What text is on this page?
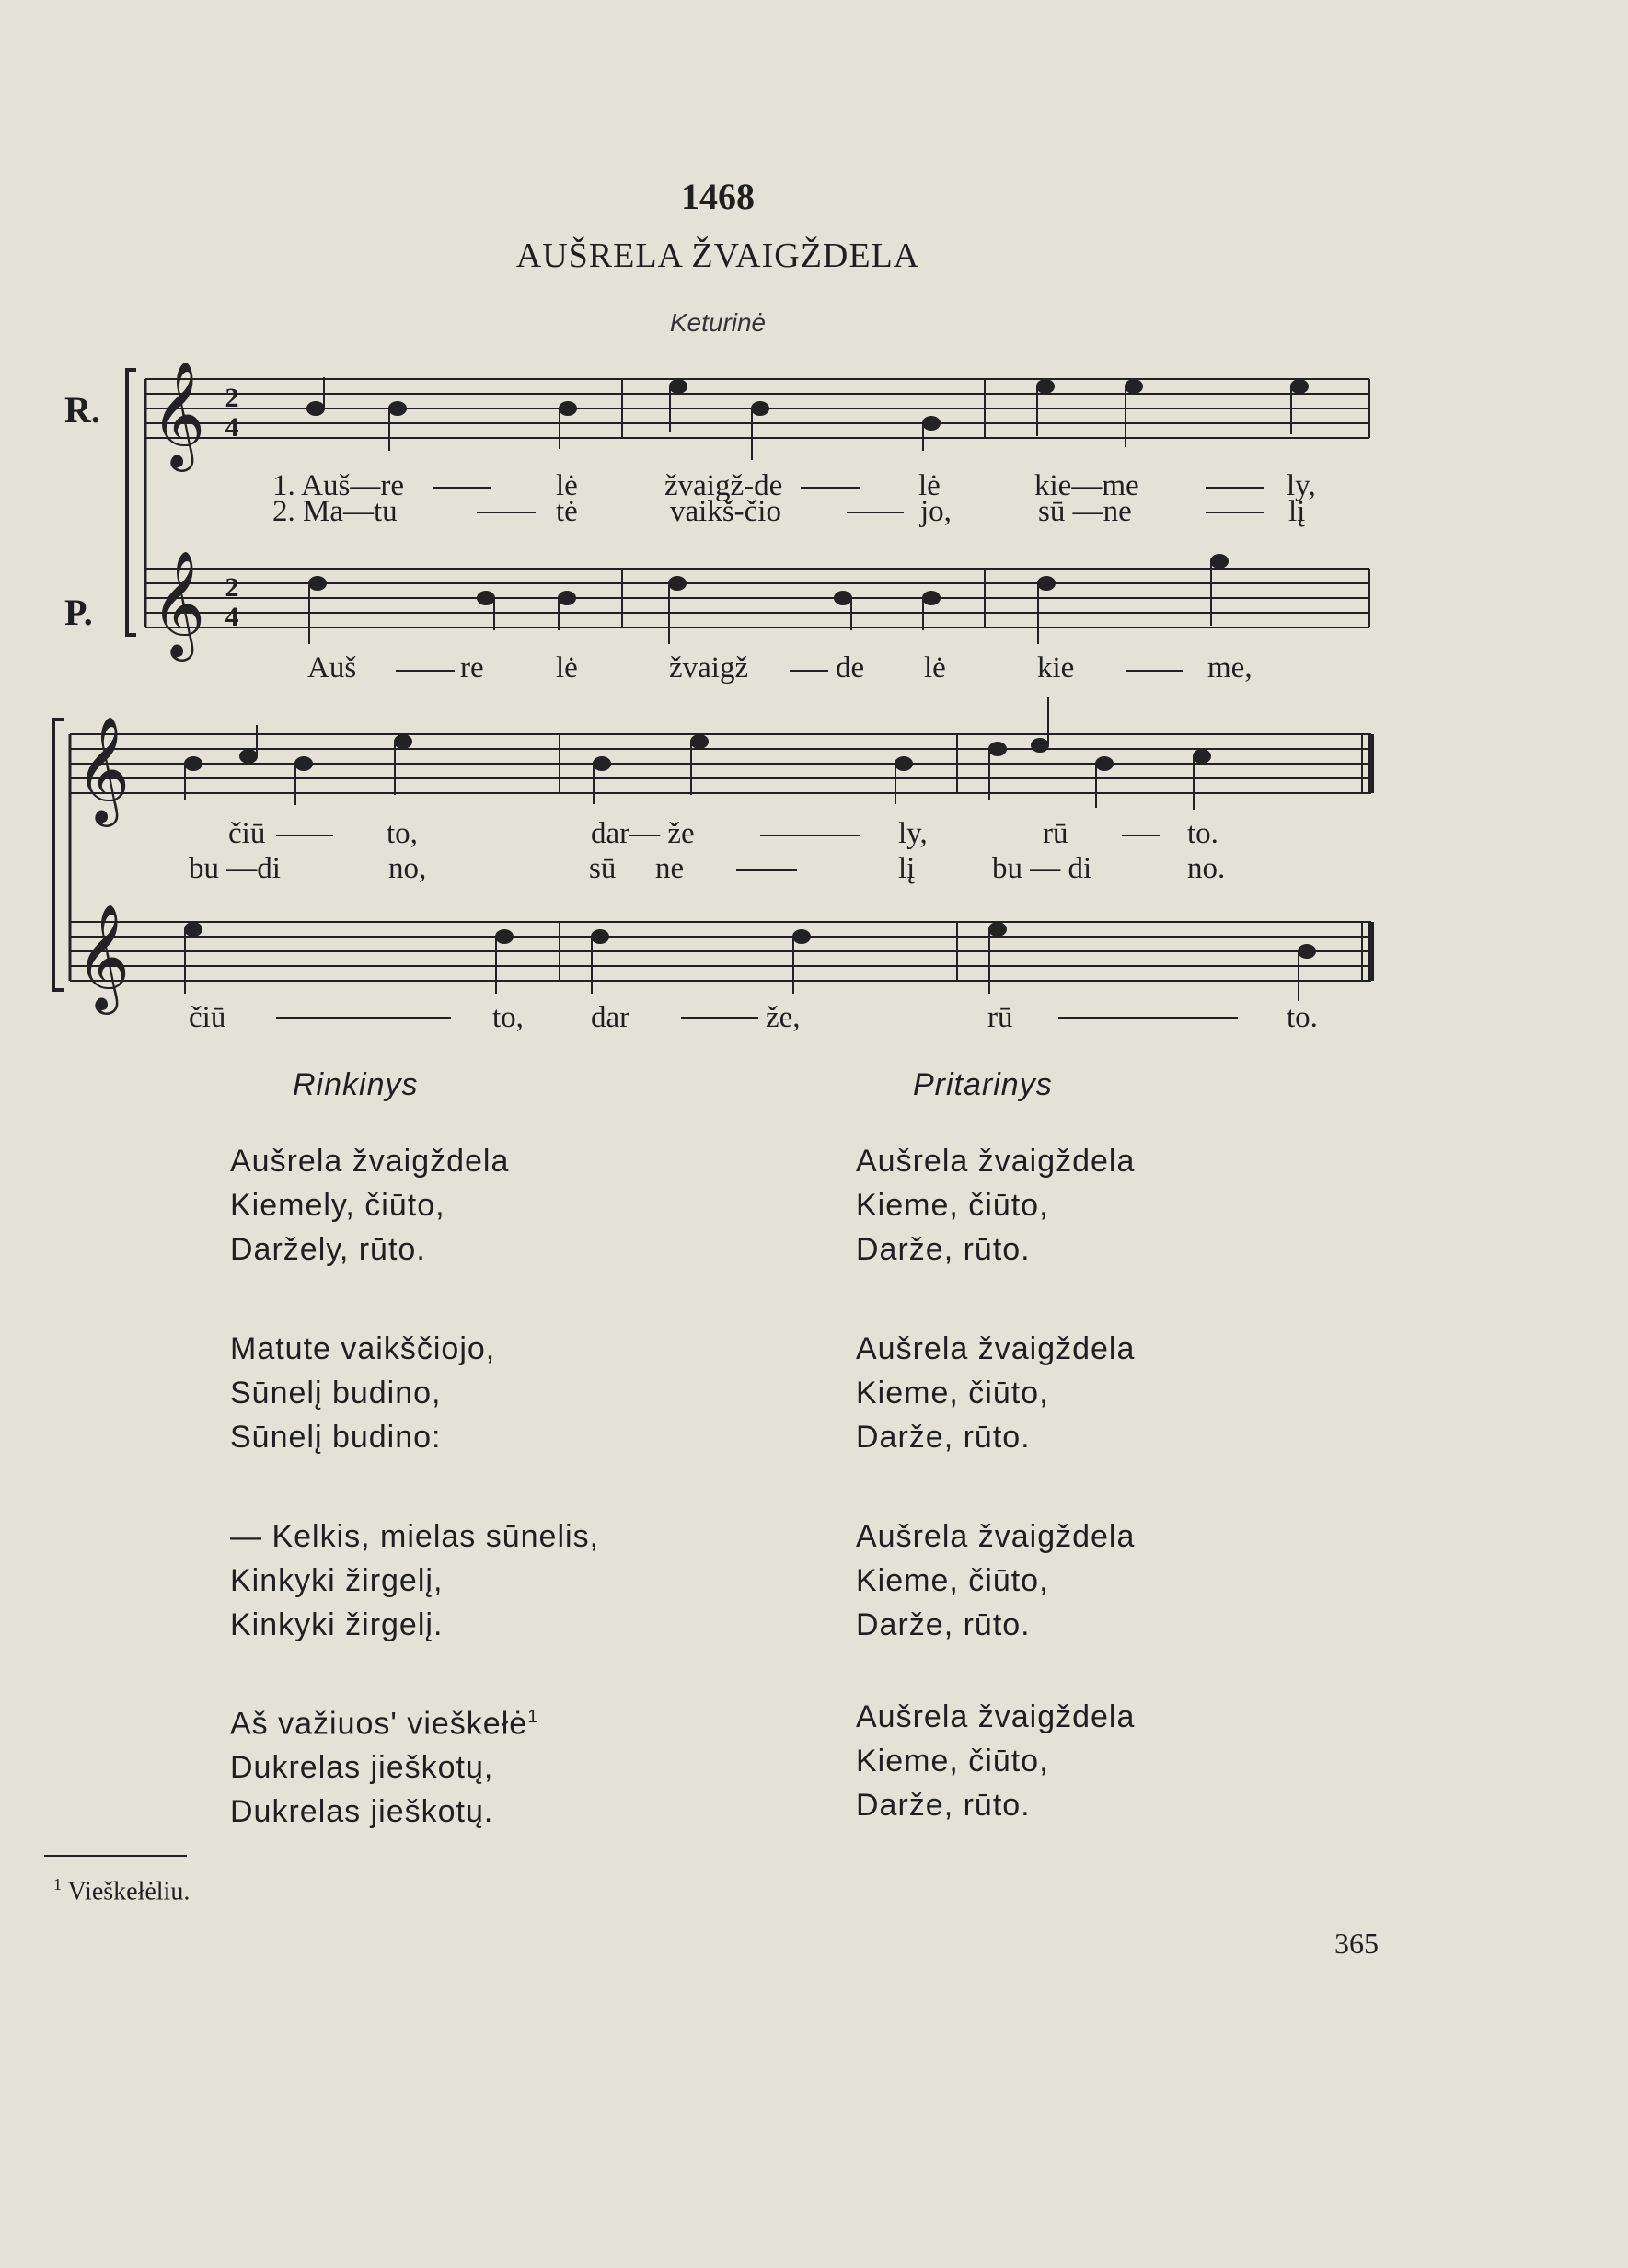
1468
AUŠRELA ŽVAIGŽDELA
Keturinė
𝄞
𝄞
𝄞
𝄞
2
4
2
4
R.
P.
1. Auš—re	lė	žvaigž-de	lė	kie—me	ly,
2. Ma—tu	tė	vaikš-čio	jo,	sū —ne	lį
Auš	re lė	žvaigž	de lė	kie	me,
čiū	to,	dar— že	ly,	rū	to.
bu —di	no,	sū ne	lį	bu — di	no.
čiū	to, dar	že,	rū	to.
Rinkinys	Pritarinys
Aušrela žvaigždela
Kiemely, čiūto,
Darželу, rūto.
Matute vaikščiojo,
Sūnelį budino,
Sūnelį budino:
— Kelkis, mielas sūnelis,
Kinkyki žirgelį,
Kinkyki žirgelį.
Aš važiuos' vieškełė$^1$
Dukrelas jieškotų,
Dukrelas jieškotų.
Aušrela žvaigždela
Kieme, čiūto,
Darže, rūto.
Aušrela žvaigždela
Kieme, čiūto,
Darže, rūto.
Aušrela žvaigždela
Kieme, čiūto,
Darže, rūto.
Aušrela žvaigždela
Kieme, čiūto,
Darže, rūto.
$^1$ Vieškełėliu.
365
